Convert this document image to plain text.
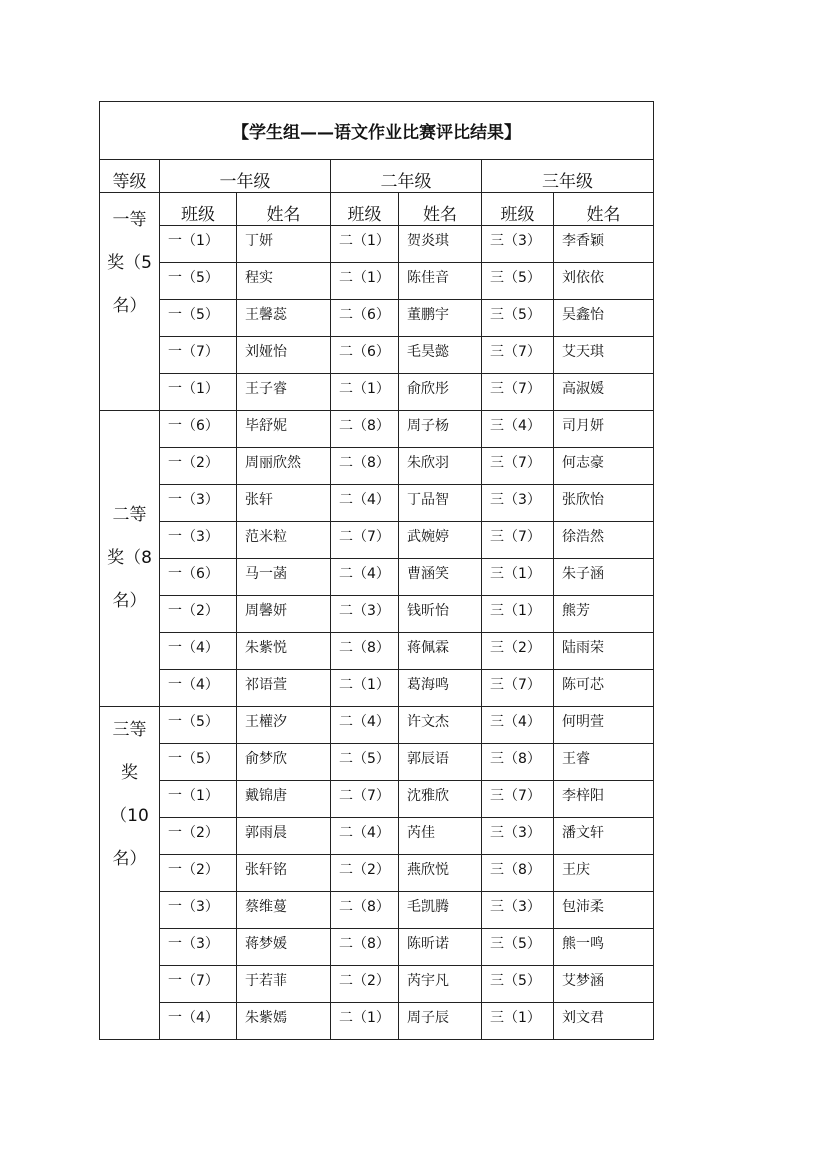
【学生组——语文作业比赛评比结果】						
等级	一年级		二年级		三年级	

一等
奖（5
名）	班级	姓名	班级	姓名	班级	姓名
	一（1）	丁妍	二（1）	贺炎琪	三（3）	李香颖
	一（5）	程实	二（1）	陈佳音	三（5）	刘依依
	一（5）	王馨蕊	二（6）	董鹏宇	三（5）	吴鑫怡
	一（7）	刘娅怡	二（6）	毛昊懿	三（7）	艾天琪
	一（1）	王子睿	二（1）	俞欣彤	三（7）	高淑媛

二等
奖（8
名）	一（6）	毕舒妮	二（8）	周子杨	三（4）	司月妍
	一（2）	周丽欣然	二（8）	朱欣羽	三（7）	何志豪
	一（3）	张轩	二（4）	丁品智	三（3）	张欣怡
	一（3）	范米粒	二（7）	武婉婷	三（7）	徐浩然
	一（6）	马一菡	二（4）	曹涵笑	三（1）	朱子涵
	一（2）	周馨妍	二（3）	钱昕怡	三（1）	熊芳
	一（4）	朱紫悦	二（8）	蒋佩霖	三（2）	陆雨荣
	一（4）	祁语萱	二（1）	葛海鸣	三（7）	陈可芯

三等
奖
（10
名）	一（5）	王權汐	二（4）	许文杰	三（4）	何明萱
	一（5）	俞梦欣	二（5）	郭辰语	三（8）	王睿
	一（1）	戴锦唐	二（7）	沈雅欣	三（7）	李梓阳
	一（2）	郭雨晨	二（4）	芮佳	三（3）	潘文轩
	一（2）	张轩铭	二（2）	燕欣悦	三（8）	王庆
	一（3）	蔡维蔓	二（8）	毛凯腾	三（3）	包沛柔
	一（3）	蒋梦媛	二（8）	陈昕诺	三（5）	熊一鸣
	一（7）	于若菲	二（2）	芮宇凡	三（5）	艾梦涵
	一（4）	朱紫嫣	二（1）	周子辰	三（1）	刘文君
